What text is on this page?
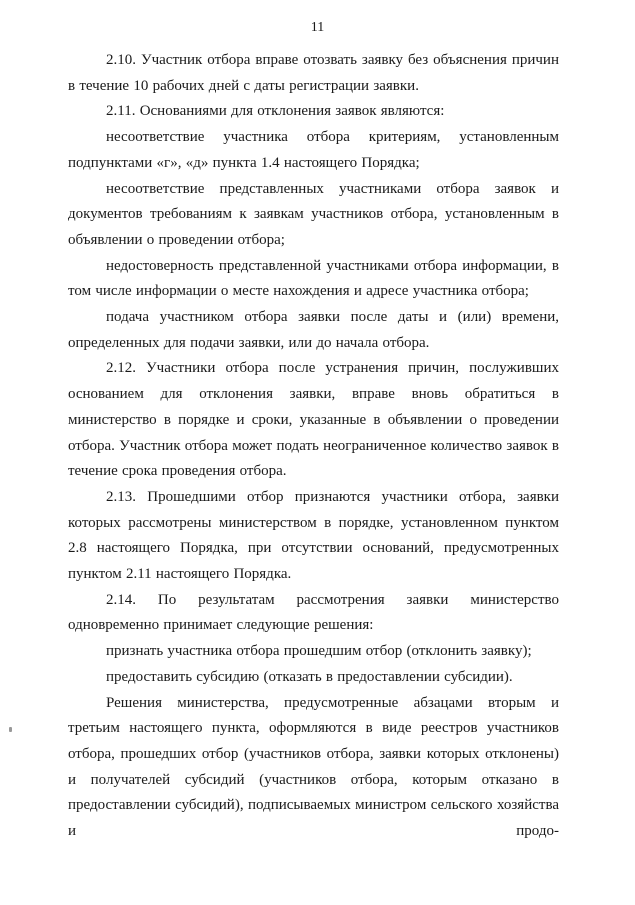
11

2.10. Участник отбора вправе отозвать заявку без объяснения причин в течение 10 рабочих дней с даты регистрации заявки.

2.11. Основаниями для отклонения заявок являются:

несоответствие участника отбора критериям, установленным подпунктами «г», «д» пункта 1.4 настоящего Порядка;

несоответствие представленных участниками отбора заявок и документов требованиям к заявкам участников отбора, установленным в объявлении о проведении отбора;

недостоверность представленной участниками отбора информации, в том числе информации о месте нахождения и адресе участника отбора;

подача участником отбора заявки после даты и (или) времени, определенных для подачи заявки, или до начала отбора.

2.12. Участники отбора после устранения причин, послуживших основанием для отклонения заявки, вправе вновь обратиться в министерство в порядке и сроки, указанные в объявлении о проведении отбора. Участник отбора может подать неограниченное количество заявок в течение срока проведения отбора.

2.13. Прошедшими отбор признаются участники отбора, заявки которых рассмотрены министерством в порядке, установленном пунктом 2.8 настоящего Порядка, при отсутствии оснований, предусмотренных пунктом 2.11 настоящего Порядка.

2.14. По результатам рассмотрения заявки министерство одновременно принимает следующие решения:

признать участника отбора прошедшим отбор (отклонить заявку);

предоставить субсидию (отказать в предоставлении субсидии).

Решения министерства, предусмотренные абзацами вторым и третьим настоящего пункта, оформляются в виде реестров участников отбора, прошедших отбор (участников отбора, заявки которых отклонены) и получателей субсидий (участников отбора, которым отказано в предоставлении субсидий), подписываемых министром сельского хозяйства и продо-
